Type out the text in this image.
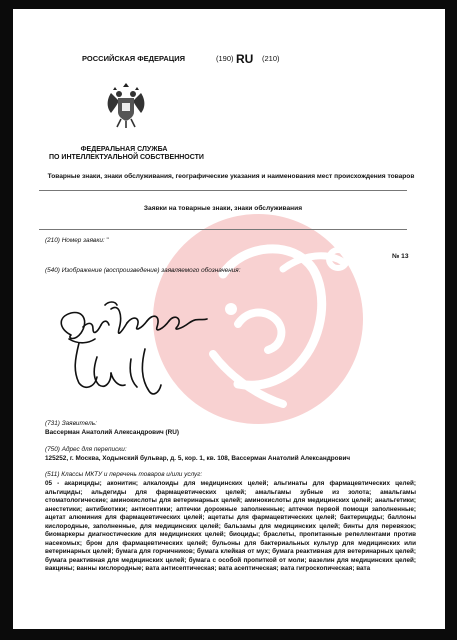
РОССИЙСКАЯ ФЕДЕРАЦИЯ	(190) RU (210)
ФЕДЕРАЛЬНАЯ СЛУЖБА
ПО ИНТЕЛЛЕКТУАЛЬНОЙ СОБСТВЕННОСТИ
Товарные знаки, знаки обслуживания, географические указания и наименования мест происхождения товаров
Заявки на товарные знаки, знаки обслуживания
(210) Номер заявки: "
№ 13
(540) Изображение (воспроизведение) заявляемого обозначения:
(731) Заявитель:
Вассерман Анатолий Александрович (RU)
(750) Адрес для переписки:
125252, г. Москва, Ходынский бульвар, д. 5, кор. 1, кв. 108, Вассерман Анатолий Александрович
(511) Классы МКТУ и перечень товаров и/или услуг:
05 - акарициды; аконитин; алкалоиды для медицинских целей; альгинаты для фармацевтических целей; альгициды; альдегиды для фармацевтических целей; амальгамы зубные из золота; амальгамы стоматологические; аминокислоты для ветеринарных целей; аминокислоты для медицинских целей; анальгетики; анестетики; антибиотики; антисептики; аптечки дорожные заполненные; аптечки первой помощи заполненные; ацетат алюминия для фармацевтических целей; ацетаты для фармацевтических целей; бактерициды; баллоны кислородные, заполненные, для медицинских целей; бальзамы для медицинских целей; бинты для перевязок; биомаркеры диагностические для медицинских целей; биоциды; браслеты, пропитанные репеллентами против насекомых; бром для фармацевтических целей; бульоны для бактериальных культур для медицинских или ветеринарных целей; бумага для горчичников; бумага клейкая от мух; бумага реактивная для ветеринарных целей; бумага реактивная для медицинских целей; бумага с особой пропиткой от моли; вазелин для медицинских целей; вакцины; ванны кислородные; вата антисептическая; вата асептическая; вата гигроскопическая; вата
